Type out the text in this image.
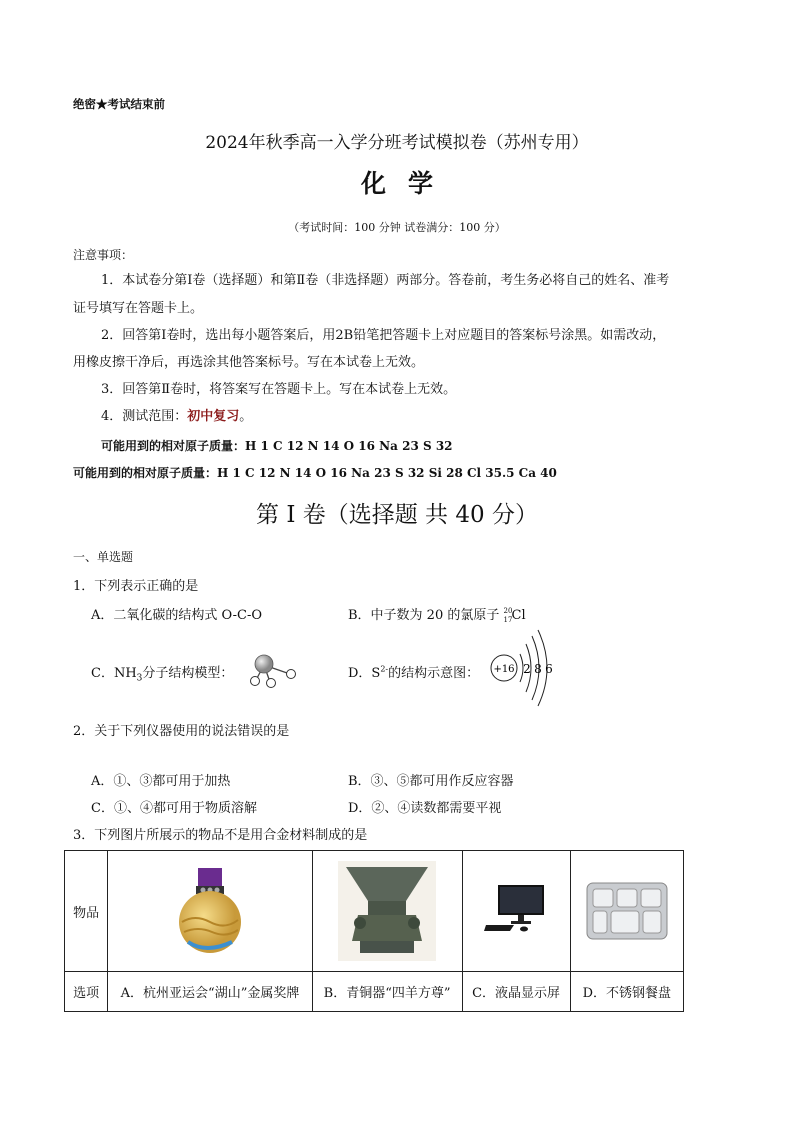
绝密★考试结束前
2024年秋季高一入学分班考试模拟卷（苏州专用）
化学
（考试时间：100 分钟 试卷满分：100 分）
注意事项：
1．本试卷分第Ⅰ卷（选择题）和第Ⅱ卷（非选择题）两部分。答卷前，考生务必将自己的姓名、准考
证号填写在答题卡上。
2．回答第Ⅰ卷时，选出每小题答案后，用2B铅笔把答题卡上对应题目的答案标号涂黑。如需改动，
用橡皮擦干净后，再选涂其他答案标号。写在本试卷上无效。
3．回答第Ⅱ卷时，将答案写在答题卡上。写在本试卷上无效。
4．测试范围：初中复习。
可能用到的相对原子质量：H 1 C 12 N 14 O 16 Na 23 S 32
可能用到的相对原子质量：H 1 C 12 N 14 O 16 Na 23 S 32 Si 28 Cl 35.5 Ca 40
第 I 卷（选择题 共 40 分）
一、单选题
1．下列表示正确的是
A．二氧化碳的结构式 O-C-O	B．中子数为 20 的氯原子 20
17 Cl
C．$NH_3$分子结构模型：	D．$S^{2-}$的结构示意图： +16 2 8 6
2．关于下列仪器使用的说法错误的是
A．①、③都可用于加热	B．③、⑤都可用作反应容器
C．①、④都可用于物质溶解	D．②、④读数都需要平视
3．下列图片所展示的物品不是用合金材料制成的是
物品	

选项	A．杭州亚运会“湖山”金属奖牌	B．青铜器“四羊方尊”	C．液晶显示屏	D．不锈钢餐盘
